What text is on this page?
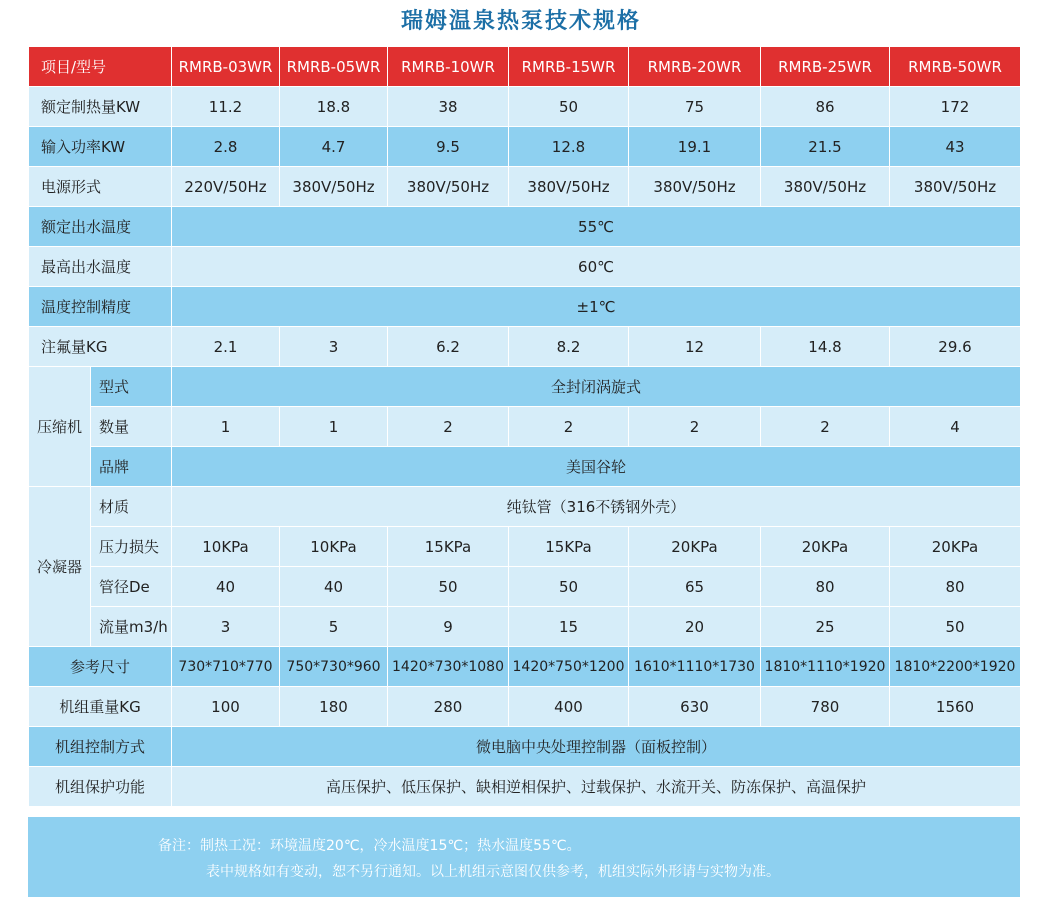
瑞姆温泉热泵技术规格
项目/型号		RMRB-03WR	RMRB-05WR	RMRB-10WR	RMRB-15WR	RMRB-20WR	RMRB-25WR	RMRB-50WR
额定制热量KW		11.2	18.8	38	50	75	86	172
输入功率KW		2.8	4.7	9.5	12.8	19.1	21.5	43
电源形式		220V/50Hz	380V/50Hz	380V/50Hz	380V/50Hz	380V/50Hz	380V/50Hz	380V/50Hz
额定出水温度		55℃						
最高出水温度		60℃						
温度控制精度		±1℃						
注氟量KG		2.1	3	6.2	8.2	12	14.8	29.6
压缩机	型式	全封闭涡旋式						
	数量	1	1	2	2	2	2	4
	品牌	美国谷轮						
冷凝器	材质	纯钛管（316不锈钢外壳）						
	压力损失	10KPa	10KPa	15KPa	15KPa	20KPa	20KPa	20KPa
	管径De	40	40	50	50	65	80	80
	流量m3/h	3	5	9	15	20	25	50
参考尺寸		730*710*770	750*730*960	1420*730*1080	1420*750*1200	1610*1110*1730	1810*1110*1920	1810*2200*1920
机组重量KG		100	180	280	400	630	780	1560
机组控制方式		微电脑中央处理控制器（面板控制）						
机组保护功能		高压保护、低压保护、缺相逆相保护、过载保护、水流开关、防冻保护、高温保护						
备注：制热工况：环境温度20℃，冷水温度15℃；热水温度55℃。
表中规格如有变动，恕不另行通知。以上机组示意图仅供参考，机组实际外形请与实物为准。
